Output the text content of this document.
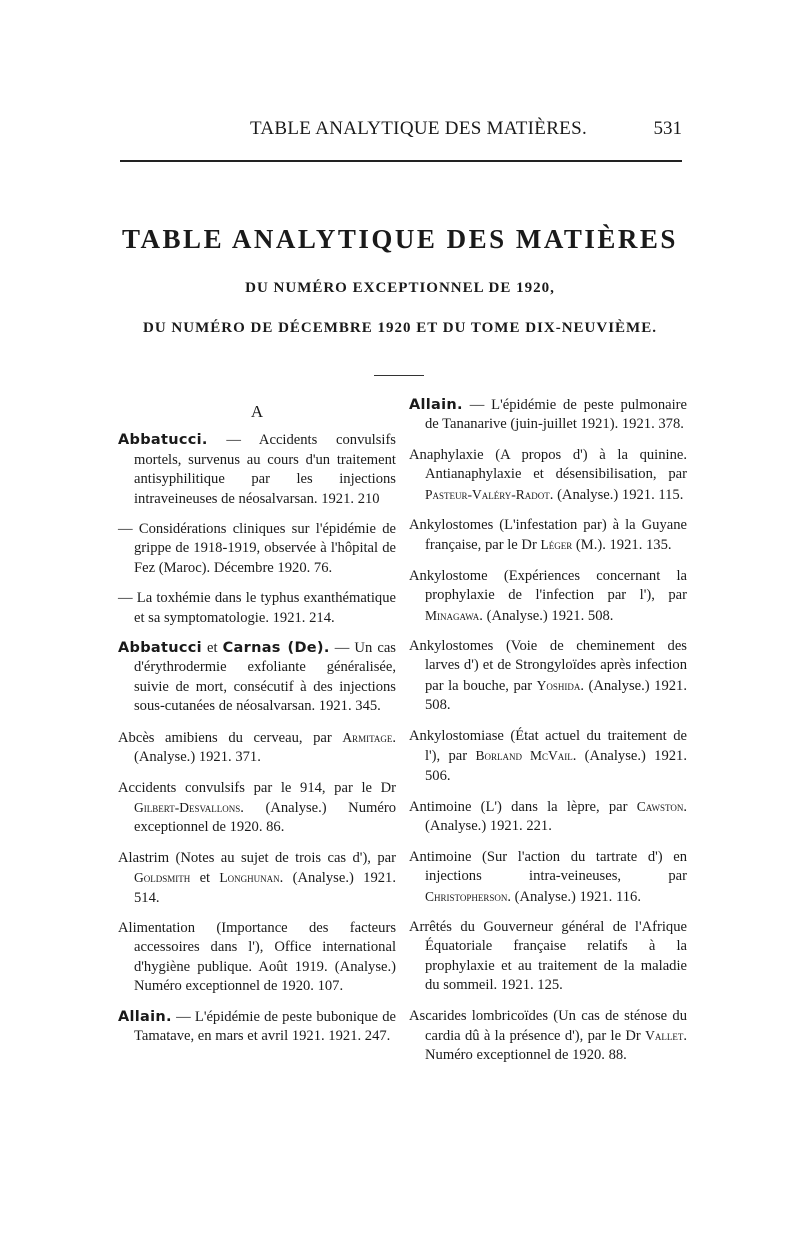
TABLE ANALYTIQUE DES MATIÈRES.	531
TABLE ANALYTIQUE DES MATIÈRES
DU NUMÉRO EXCEPTIONNEL DE 1920,
DU NUMÉRO DE DÉCEMBRE 1920 ET DU TOME DIX-NEUVIÈME.
A
Abbatucci. — Accidents convulsifs mortels, survenus au cours d'un traitement antisyphilitique par les injections intraveineuses de néosalvarsan. 1921. 210
— Considérations cliniques sur l'épidémie de grippe de 1918-1919, observée à l'hôpital de Fez (Maroc). Décembre 1920. 76.
— La toxhémie dans le typhus exanthématique et sa symptomatologie. 1921. 214.
Abbatucci et Carnas (De). — Un cas d'érythrodermie exfoliante généralisée, suivie de mort, consécutif à des injections sous-cutanées de néosalvarsan. 1921. 345.
Abcès amibiens du cerveau, par Armitage. (Analyse.) 1921. 371.
Accidents convulsifs par le 914, par le Dr Gilbert-Desvallons. (Analyse.) Numéro exceptionnel de 1920. 86.
Alastrim (Notes au sujet de trois cas d'), par Goldsmith et Longhunan. (Analyse.) 1921. 514.
Alimentation (Importance des facteurs accessoires dans l'), Office international d'hygiène publique. Août 1919. (Analyse.) Numéro exceptionnel de 1920. 107.
Allain. — L'épidémie de peste bubonique de Tamatave, en mars et avril 1921. 1921. 247.
Allain. — L'épidémie de peste pulmonaire de Tananarive (juin-juillet 1921). 1921. 378.
Anaphylaxie (A propos d') à la quinine. Antianaphylaxie et désensibilisation, par Pasteur-Valéry-Radot. (Analyse.) 1921. 115.
Ankylostomes (L'infestation par) à la Guyane française, par le Dr Léger (M.). 1921. 135.
Ankylostome (Expériences concernant la prophylaxie de l'infection par l'), par Minagawa. (Analyse.) 1921. 508.
Ankylostomes (Voie de cheminement des larves d') et de Strongyloïdes après infection par la bouche, par Yoshida. (Analyse.) 1921. 508.
Ankylostomiase (État actuel du traitement de l'), par Borland McVail. (Analyse.) 1921. 506.
Antimoine (L') dans la lèpre, par Cawston. (Analyse.) 1921. 221.
Antimoine (Sur l'action du tartrate d') en injections intra-veineuses, par Christopherson. (Analyse.) 1921. 116.
Arrêtés du Gouverneur général de l'Afrique Équatoriale française relatifs à la prophylaxie et au traitement de la maladie du sommeil. 1921. 125.
Ascarides lombricoïdes (Un cas de sténose du cardia dû à la présence d'), par le Dr Vallet. Numéro exceptionnel de 1920. 88.
